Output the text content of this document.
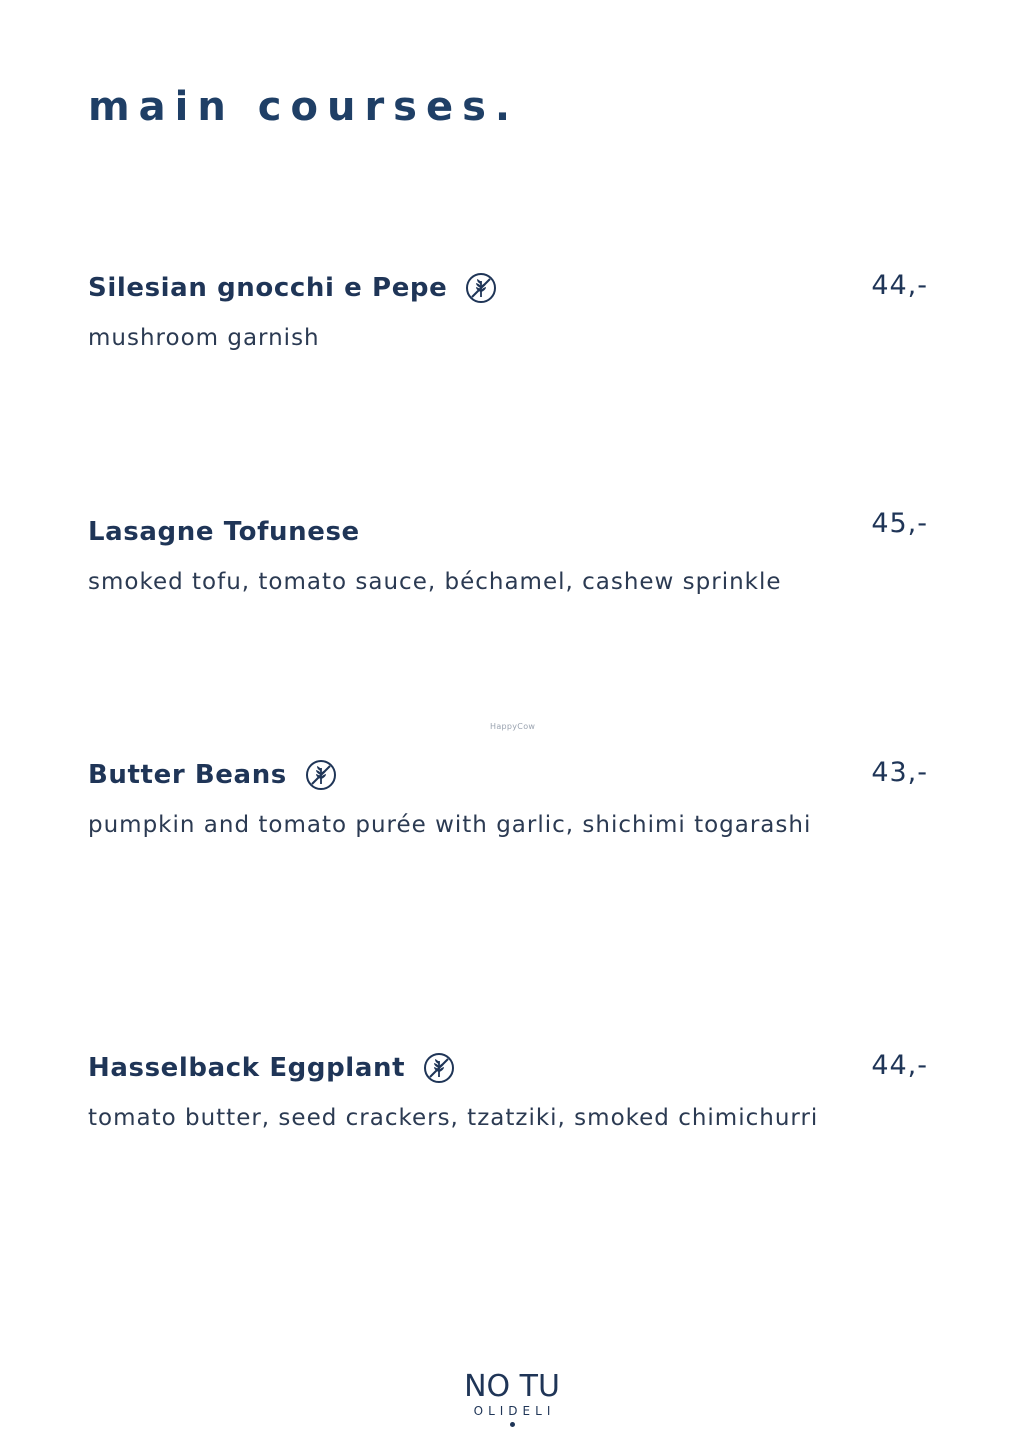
main courses.
Silesian gnocchi e Pepe	44,-
mushroom garnish
Lasagne Tofunese	45,-
smoked tofu, tomato sauce, béchamel, cashew sprinkle
HappyCow
Butter Beans	43,-
pumpkin and tomato purée with garlic, shichimi togarashi
Hasselback Eggplant	44,-
tomato butter, seed crackers, tzatziki, smoked chimichurri
NO TU
OLIDELI
